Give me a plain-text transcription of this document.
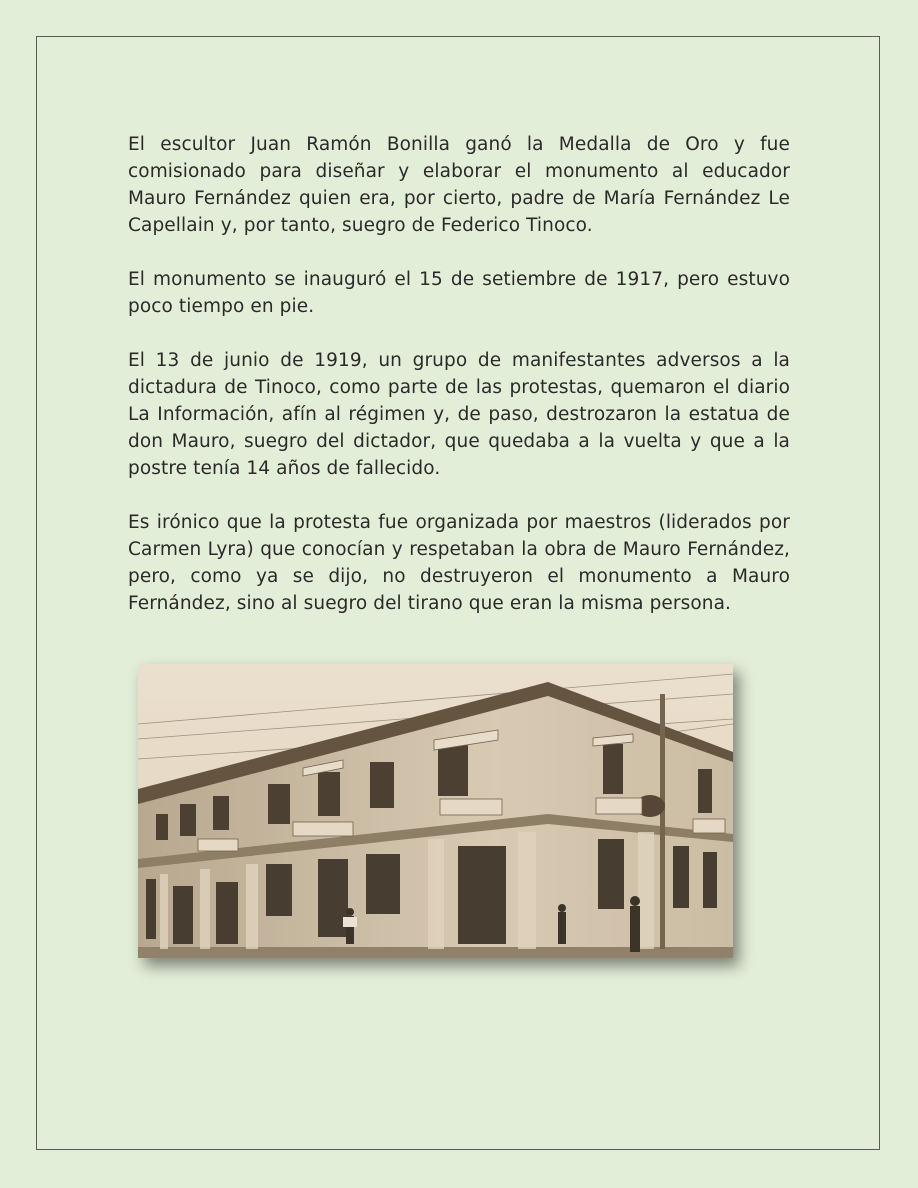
El escultor Juan Ramón Bonilla ganó la Medalla de Oro y fue comisionado para diseñar y elaborar el monumento al educador Mauro Fernández quien era, por cierto, padre de María Fernández Le Capellain y, por tanto, suegro de Federico Tinoco.

El monumento se inauguró el 15 de setiembre de 1917, pero estuvo poco tiempo en pie.

El 13 de junio de 1919, un grupo de manifestantes adversos a la dictadura de Tinoco, como parte de las protestas, quemaron el diario La Información, afín al régimen y, de paso, destrozaron la estatua de don Mauro, suegro del dictador, que quedaba a la vuelta y que a la postre tenía 14 años de fallecido.

Es irónico que la protesta fue organizada por maestros (liderados por Carmen Lyra) que conocían y respetaban la obra de Mauro Fernández, pero, como ya se dijo, no destruyeron el monumento a Mauro Fernández, sino al suegro del tirano que eran la misma persona.
